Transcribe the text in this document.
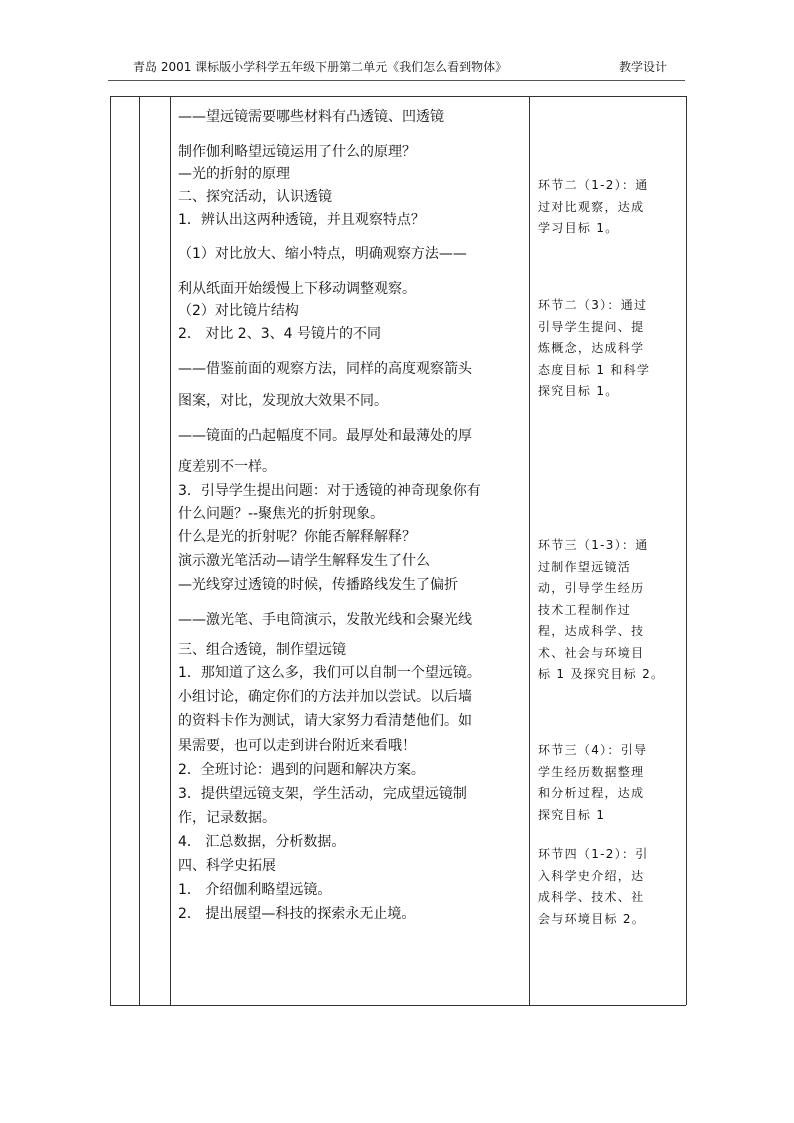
青岛 2001 课标版小学科学五年级下册第二单元《我们怎么看到物体》	教学设计
——望远镜需要哪些材料有凸透镜、凹透镜
制作伽利略望远镜运用了什么的原理？
—光的折射的原理
二、探究活动，认识透镜
1．辨认出这两种透镜，并且观察特点？
（1）对比放大、缩小特点，明确观察方法——
利从纸面开始缓慢上下移动调整观察。
（2）对比镜片结构
2． 对比 2、3、4 号镜片的不同
——借鉴前面的观察方法，同样的高度观察箭头
图案，对比，发现放大效果不同。
——镜面的凸起幅度不同。最厚处和最薄处的厚
度差别不一样。
3．引导学生提出问题：对于透镜的神奇现象你有
什么问题？--聚焦光的折射现象。
什么是光的折射呢？你能否解释解释？
演示激光笔活动—请学生解释发生了什么
—光线穿过透镜的时候，传播路线发生了偏折
——激光笔、手电筒演示，发散光线和会聚光线
三、组合透镜，制作望远镜
1．那知道了这么多，我们可以自制一个望远镜。
小组讨论，确定你们的方法并加以尝试。以后墙
的资料卡作为测试，请大家努力看清楚他们。如
果需要，也可以走到讲台附近来看哦！
2．全班讨论：遇到的问题和解决方案。
3．提供望远镜支架，学生活动，完成望远镜制
作，记录数据。
4． 汇总数据，分析数据。
四、科学史拓展
1． 介绍伽利略望远镜。
2． 提出展望—科技的探索永无止境。
环节二（1-2）：通
过对比观察，达成
学习目标 1。
环节二（3）：通过
引导学生提问、提
炼概念，达成科学
态度目标 1 和科学
探究目标 1。
环节三（1-3）：通
过制作望远镜活
动，引导学生经历
技术工程制作过
程，达成科学、技
术、社会与环境目
标 1 及探究目标 2。
环节三（4）：引导
学生经历数据整理
和分析过程，达成
探究目标 1
环节四（1-2）：引
入科学史介绍，达
成科学、技术、社
会与环境目标 2。
